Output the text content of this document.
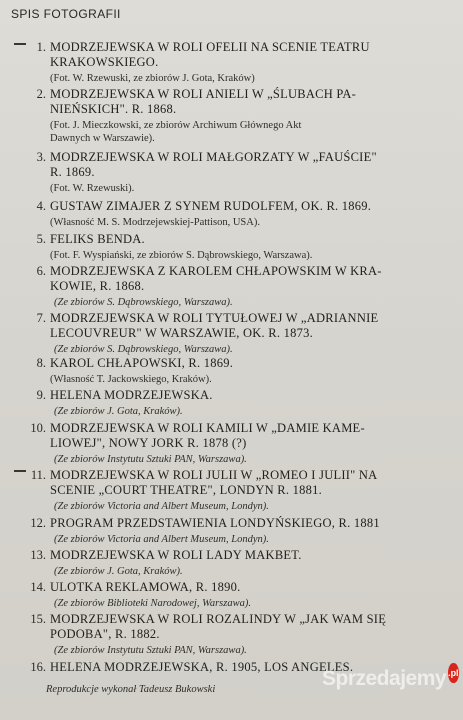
SPIS FOTOGRAFII
1. MODRZEJEWSKA W ROLI OFELII NA SCENIE TEATRU
KRAKOWSKIEGO.
(Fot. W. Rzewuski, ze zbiorów J. Gota, Kraków)
2. MODRZEJEWSKA W ROLI ANIELI W „ŚLUBACH PA-
NIEŃSKICH". R. 1868.
(Fot. J. Mieczkowski, ze zbiorów Archiwum Głównego Akt
Dawnych w Warszawie).
3. MODRZEJEWSKA W ROLI MAŁGORZATY W „FAUŚCIE"
R. 1869.
(Fot. W. Rzewuski).
4. GUSTAW ZIMAJER Z SYNEM RUDOLFEM, OK. R. 1869.
(Własność M. S. Modrzejewskiej-Pattison, USA).
5. FELIKS BENDA.
(Fot. F. Wyspiański, ze zbiorów S. Dąbrowskiego, Warszawa).
6. MODRZEJEWSKA Z KAROLEM CHŁAPOWSKIM W KRA-
KOWIE, R. 1868.
(Ze zbiorów S. Dąbrowskiego, Warszawa).
7. MODRZEJEWSKA W ROLI TYTUŁOWEJ W „ADRIANNIE
LECOUVREUR" W WARSZAWIE, OK. R. 1873.
(Ze zbiorów S. Dąbrowskiego, Warszawa).
8. KAROL CHŁAPOWSKI, R. 1869.
(Własność T. Jackowskiego, Kraków).
9. HELENA MODRZEJEWSKA.
(Ze zbiorów J. Gota, Kraków).
10. MODRZEJEWSKA W ROLI KAMILI W „DAMIE KAME-
LIOWEJ", NOWY JORK R. 1878 (?)
(Ze zbiorów Instytutu Sztuki PAN, Warszawa).
11. MODRZEJEWSKA W ROLI JULII W „ROMEO I JULII" NA
SCENIE „COURT THEATRE", LONDYN R. 1881.
(Ze zbiorów Victoria and Albert Museum, Londyn).
12. PROGRAM PRZEDSTAWIENIA LONDYŃSKIEGO, R. 1881
(Ze zbiorów Victoria and Albert Museum, Londyn).
13. MODRZEJEWSKA W ROLI LADY MAKBET.
(Ze zbiorów J. Gota, Kraków).
14. ULOTKA REKLAMOWA, R. 1890.
(Ze zbiorów Biblioteki Narodowej, Warszawa).
15. MODRZEJEWSKA W ROLI ROZALINDY W „JAK WAM SIĘ
PODOBA", R. 1882.
(Ze zbiorów Instytutu Sztuki PAN, Warszawa).
16. HELENA MODRZEJEWSKA, R. 1905, LOS ANGELES.
Reprodukcje wykonał Tadeusz Bukowski	Sprzedajemy .pl
